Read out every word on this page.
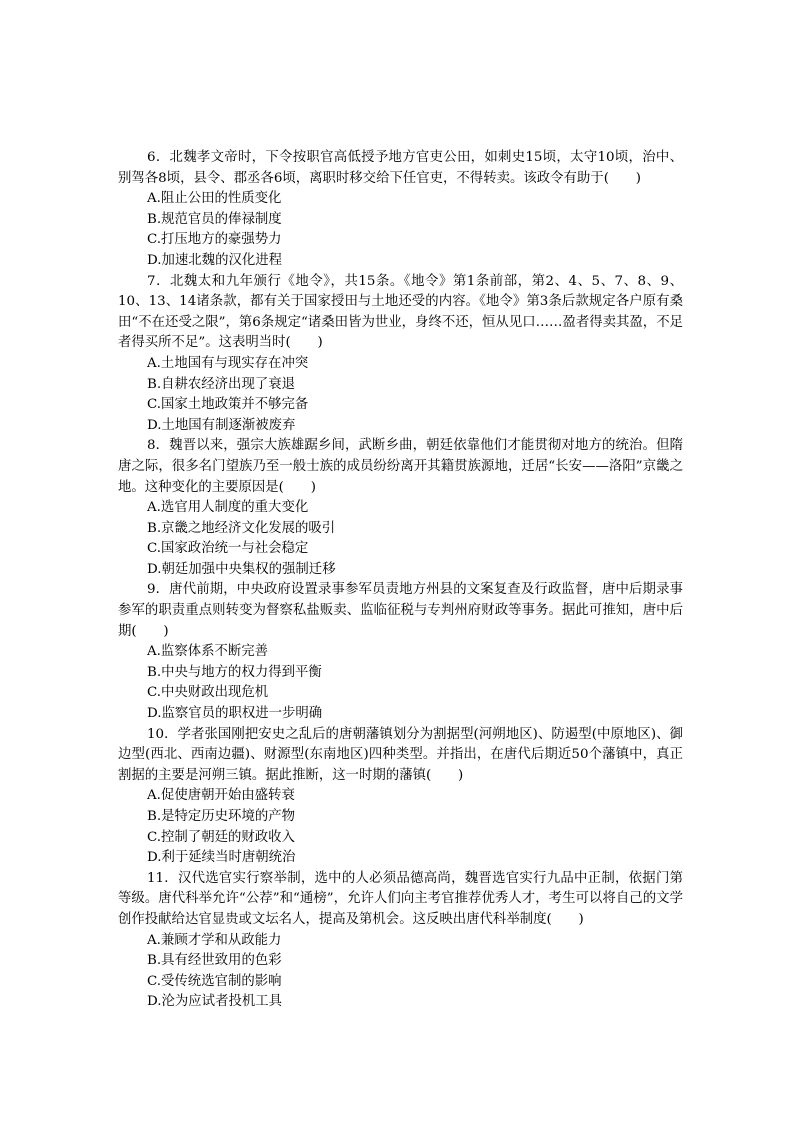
6．北魏孝文帝时，下令按职官高低授予地方官吏公田，如刺史15顷，太守10顷，治中、别驾各8顷，县令、郡丞各6顷，离职时移交给下任官吏，不得转卖。该政令有助于(　　)

A.阻止公田的性质变化

B.规范官员的俸禄制度

C.打压地方的豪强势力

D.加速北魏的汉化进程

7．北魏太和九年颁行《地令》，共15条。《地令》第1条前部，第2、4、5、7、8、9、10、13、14诸条款，都有关于国家授田与土地还受的内容。《地令》第3条后款规定各户原有桑田“不在还受之限”，第6条规定“诸桑田皆为世业，身终不还，恒从见口……盈者得卖其盈，不足者得买所不足”。这表明当时(　　)

A.土地国有与现实存在冲突

B.自耕农经济出现了衰退

C.国家土地政策并不够完备

D.土地国有制逐渐被废弃

8．魏晋以来，强宗大族雄踞乡间，武断乡曲，朝廷依靠他们才能贯彻对地方的统治。但隋唐之际，很多名门望族乃至一般士族的成员纷纷离开其籍贯族源地，迁居“长安——洛阳”京畿之地。这种变化的主要原因是(　　)

A.选官用人制度的重大变化

B.京畿之地经济文化发展的吸引

C.国家政治统一与社会稳定

D.朝廷加强中央集权的强制迁移

9．唐代前期，中央政府设置录事参军员责地方州县的文案复查及行政监督，唐中后期录事参军的职责重点则转变为督察私盐贩卖、监临征税与专判州府财政等事务。据此可推知，唐中后期(　　)

A.监察体系不断完善

B.中央与地方的权力得到平衡

C.中央财政出现危机

D.监察官员的职权进一步明确

10．学者张国刚把安史之乱后的唐朝藩镇划分为割据型(河朔地区)、防遏型(中原地区)、御边型(西北、西南边疆)、财源型(东南地区)四种类型。并指出，在唐代后期近50个藩镇中，真正割据的主要是河朔三镇。据此推断，这一时期的藩镇(　　)

A.促使唐朝开始由盛转衰

B.是特定历史环境的产物

C.控制了朝廷的财政收入

D.利于延续当时唐朝统治

11．汉代选官实行察举制，选中的人必须品德高尚，魏晋选官实行九品中正制，依据门第等级。唐代科举允许“公荐”和“通榜”，允许人们向主考官推荐优秀人才，考生可以将自己的文学创作投献给达官显贵或文坛名人，提高及第机会。这反映出唐代科举制度(　　)

A.兼顾才学和从政能力

B.具有经世致用的色彩

C.受传统选官制的影响

D.沦为应试者投机工具
